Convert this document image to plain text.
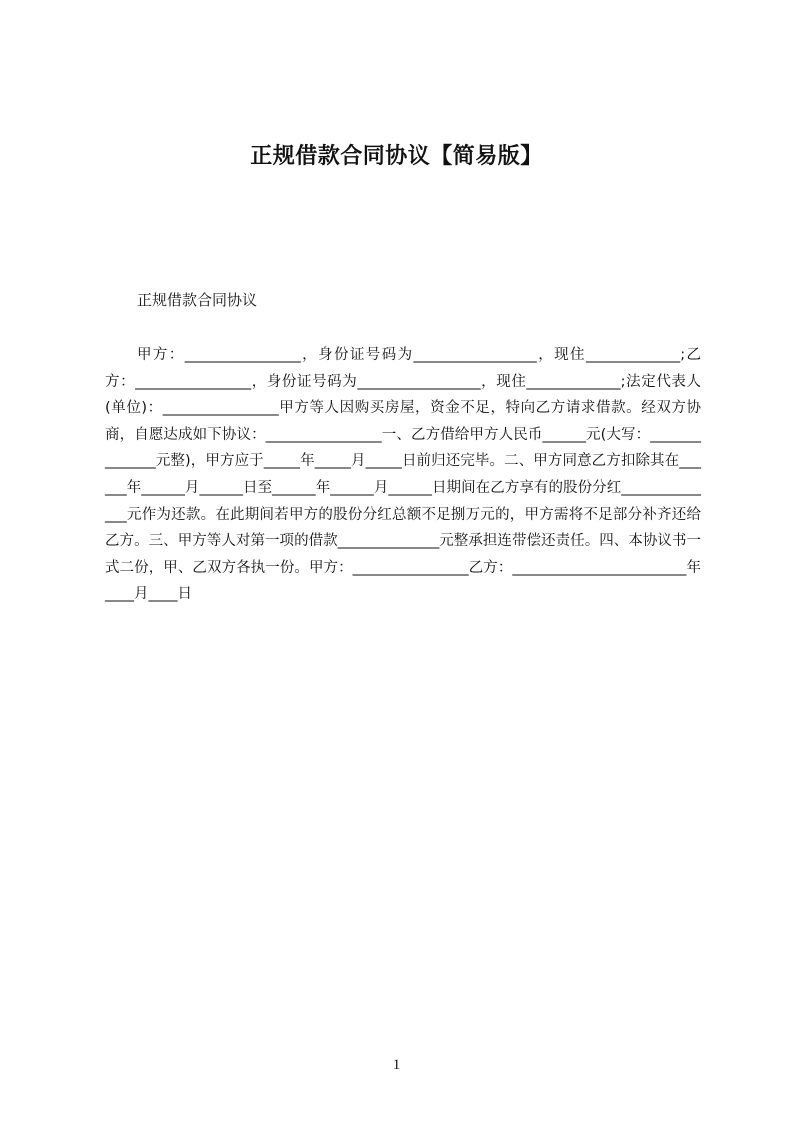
正规借款合同协议【简易版】

正规借款合同协议

甲方：________________，身份证号码为_________________，现住_____________;乙方：________________，身份证号码为_________________，现住_____________;法定代表人(单位)：________________甲方等人因购买房屋，资金不足，特向乙方请求借款。经双方协商，自愿达成如下协议：________________一、乙方借给甲方人民币______元(大写：______________元整)，甲方应于_____年_____月_____日前归还完毕。二、甲方同意乙方扣除其在______年______月______日至______年______月______日期间在乙方享有的股份分红______________元作为还款。在此期间若甲方的股份分红总额不足捌万元的，甲方需将不足部分补齐还给乙方。三、甲方等人对第一项的借款______________元整承担连带偿还责任。四、本协议书一式二份，甲、乙双方各执一份。甲方：________________乙方：________________________年____月____日

1
